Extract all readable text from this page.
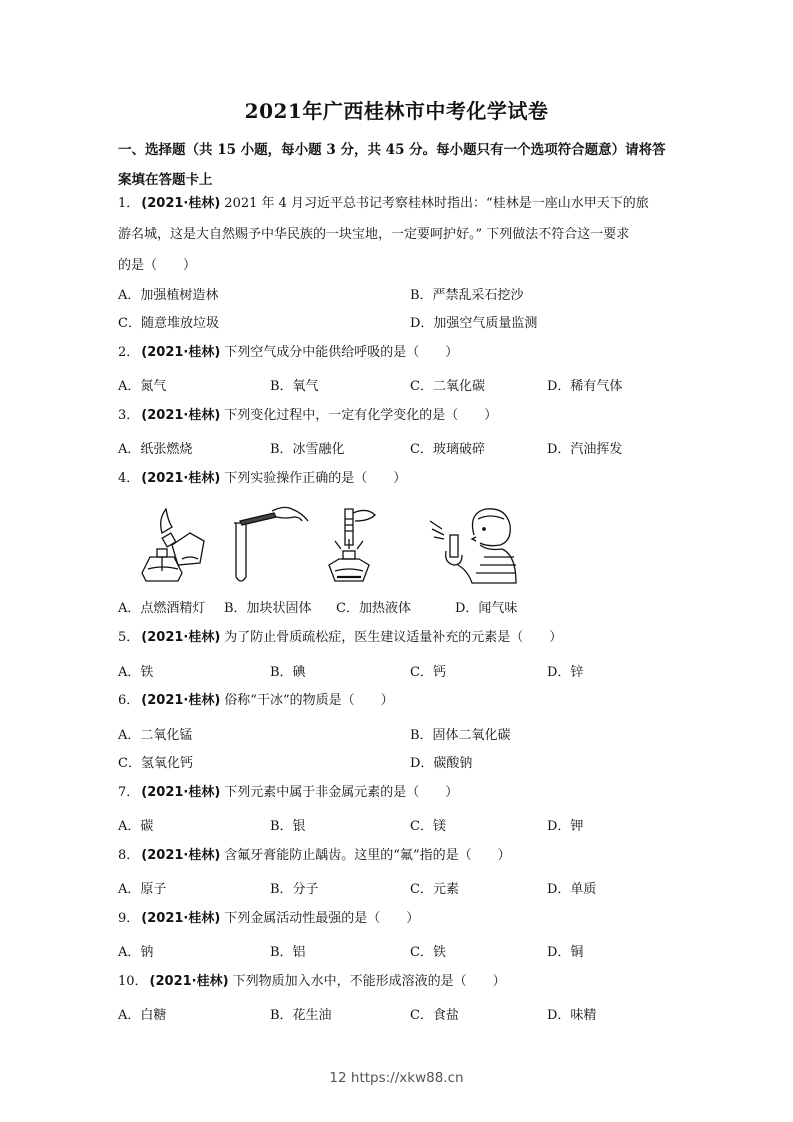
2021年广西桂林市中考化学试卷
一、选择题（共 15 小题，每小题 3 分，共 45 分。每小题只有一个选项符合题意）请将答
案填在答题卡上
1． (2021·桂林) 2021 年 4 月习近平总书记考察桂林时指出：“桂林是一座山水甲天下的旅
游名城，这是大自然赐予中华民族的一块宝地，一定要呵护好。” 下列做法不符合这一要求
的是（　　）
A．加强植树造林	B．严禁乱采石挖沙
C．随意堆放垃圾	D．加强空气质量监测
2． (2021·桂林) 下列空气成分中能供给呼吸的是（　　）
A．氮气	B．氧气	C．二氧化碳	D．稀有气体
3． (2021·桂林) 下列变化过程中，一定有化学变化的是（　　）
A．纸张燃烧	B．冰雪融化	C．玻璃破碎	D．汽油挥发
4． (2021·桂林) 下列实验操作正确的是（　　）
A．点燃酒精灯 B．加块状固体 C．加热液体	D．闻气味
5． (2021·桂林) 为了防止骨质疏松症，医生建议适量补充的元素是（　　）
A．铁	B．碘	C．钙	D．锌
6． (2021·桂林) 俗称“干冰”的物质是（　　）
A．二氧化锰	B．固体二氧化碳
C．氢氧化钙	D．碳酸钠
7． (2021·桂林) 下列元素中属于非金属元素的是（　　）
A．碳	B．银	C．镁	D．钾
8． (2021·桂林) 含氟牙膏能防止龋齿。这里的“氟”指的是（　　）
A．原子	B．分子	C．元素	D．单质
9． (2021·桂林) 下列金属活动性最强的是（　　）
A．钠	B．铝	C．铁	D．铜
10． (2021·桂林) 下列物质加入水中，不能形成溶液的是（　　）
A．白糖	B．花生油	C．食盐	D．味精
12 https://xkw88.cn
